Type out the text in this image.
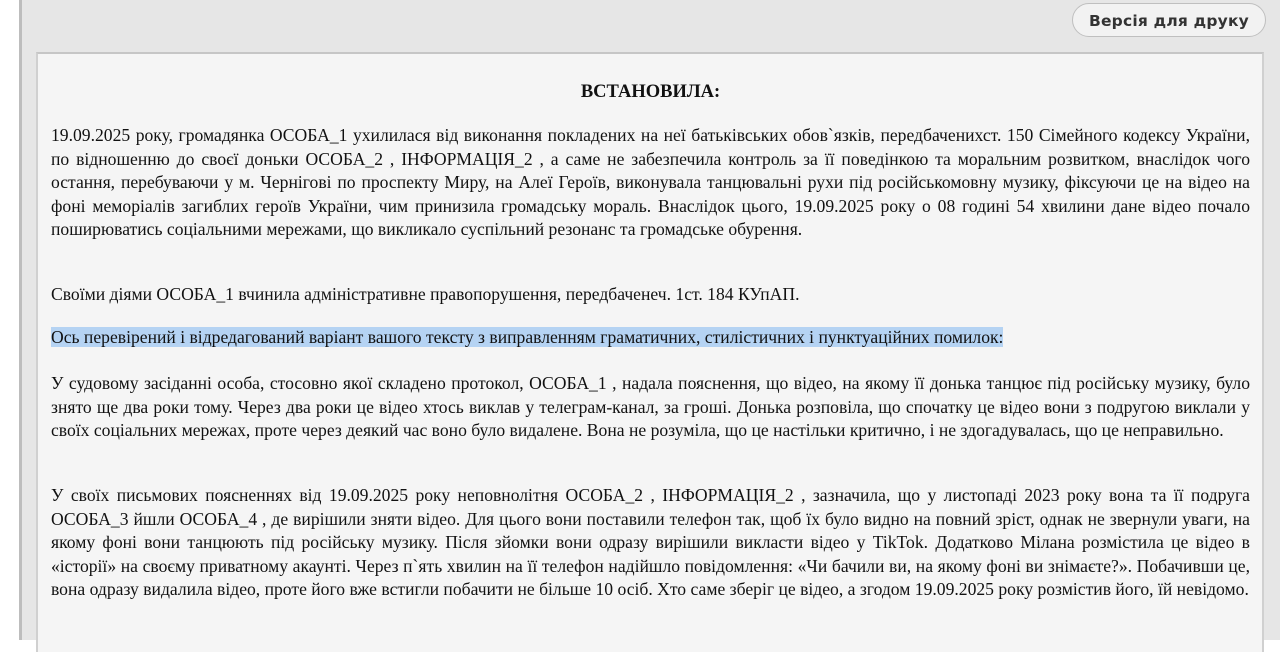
Версія для друку
ВСТАНОВИЛА:

19.09.2025 року, громадянка ОСОБА_1 ухилилася від виконання покладених на неї батьківських обов`язків, передбаченихст. 150 Сімейного кодексу України, по відношенню до своєї доньки ОСОБА_2 , ІНФОРМАЦІЯ_2 , а саме не забезпечила контроль за її поведінкою та моральним розвитком, внаслідок чого остання, перебуваючи у м. Чернігові по проспекту Миру, на Алеї Героїв, виконувала танцювальні рухи під російськомовну музику, фіксуючи це на відео на фоні меморіалів загиблих героїв України, чим принизила громадську мораль. Внаслідок цього, 19.09.2025 року о 08 годині 54 хвилини дане відео почало поширюватись соціальними мережами, що викликало суспільний резонанс та громадське обурення.

Своїми діями ОСОБА_1 вчинила адміністративне правопорушення, передбаченеч. 1ст. 184 КУпАП.

Ось перевірений і відредагований варіант вашого тексту з виправленням граматичних, стилістичних і пунктуаційних помилок:

У судовому засіданні особа, стосовно якої складено протокол, ОСОБА_1 , надала пояснення, що відео, на якому її донька танцює під російську музику, було знято ще два роки тому. Через два роки це відео хтось виклав у телеграм-канал, за гроші. Донька розповіла, що спочатку це відео вони з подругою виклали у своїх соціальних мережах, проте через деякий час воно було видалене. Вона не розуміла, що це настільки критично, і не здогадувалась, що це неправильно.

У своїх письмових поясненнях від 19.09.2025 року неповнолітня ОСОБА_2 , ІНФОРМАЦІЯ_2 , зазначила, що у листопаді 2023 року вона та її подруга ОСОБА_3 йшли ОСОБА_4 , де вирішили зняти відео. Для цього вони поставили телефон так, щоб їх було видно на повний зріст, однак не звернули уваги, на якому фоні вони танцюють під російську музику. Після зйомки вони одразу вирішили викласти відео у TikTok. Додатково Мілана розмістила це відео в «історії» на своєму приватному акаунті. Через п`ять хвилин на її телефон надійшло повідомлення: «Чи бачили ви, на якому фоні ви знімаєте?». Побачивши це, вона одразу видалила відео, проте його вже встигли побачити не більше 10 осіб. Хто саме зберіг це відео, а згодом 19.09.2025 року розмістив його, їй невідомо.
